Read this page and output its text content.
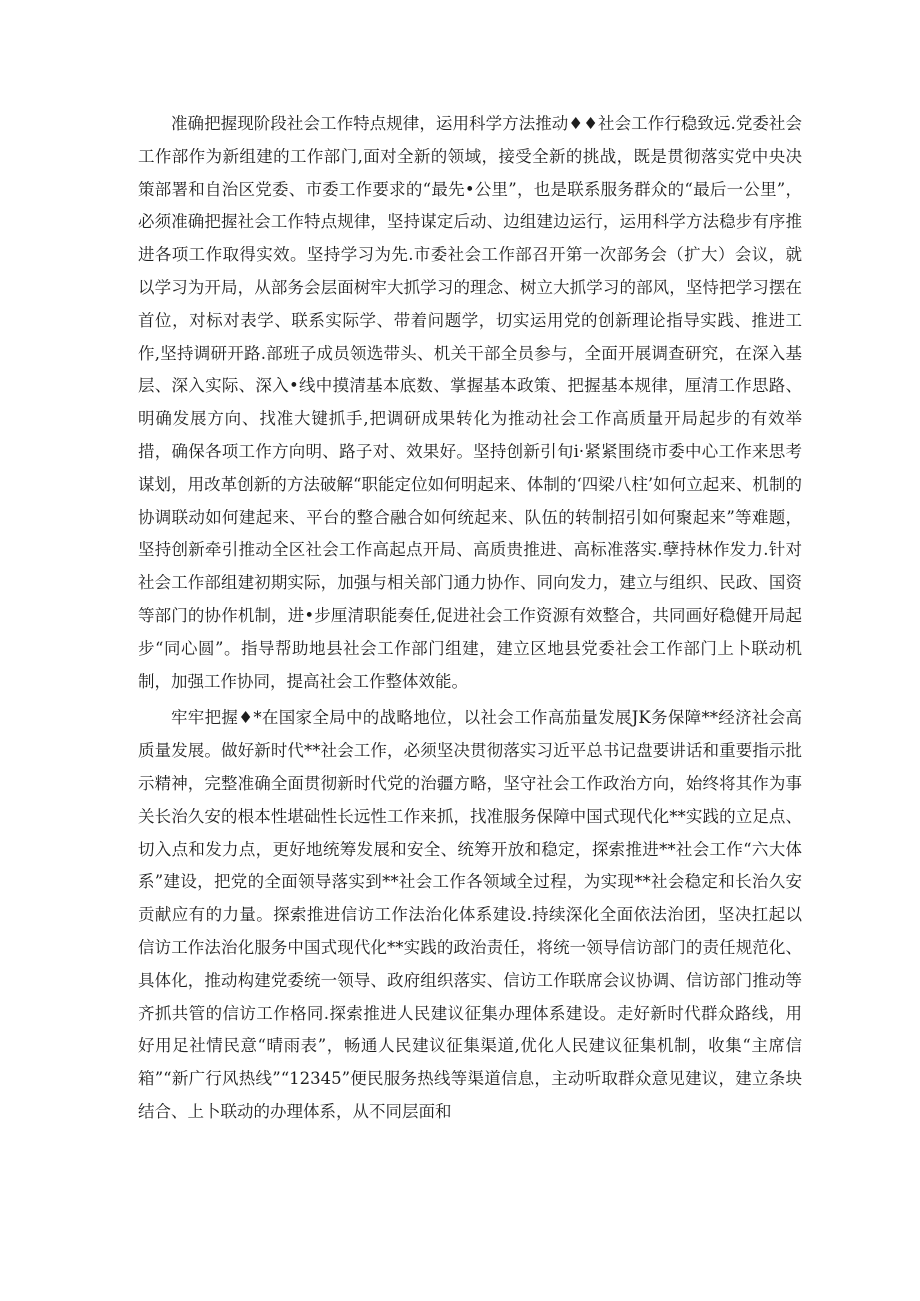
准确把握现阶段社会工作特点规律，运用科学方法推动♦♦社会工作行稳致远.党委社会工作部作为新组建的工作部门,面对全新的领域，接受全新的挑战，既是贯彻落实党中央决策部署和自治区党委、市委工作要求的“最先•公里”，也是联系服务群众的“最后一公里”，必须准确把握社会工作特点规律，坚持谋定后动、边组建边运行，运用科学方法稳步有序推进各项工作取得实效。坚持学习为先.市委社会工作部召开第一次部务会（扩大）会议，就以学习为开局，从部务会层面树牢大抓学习的理念、树立大抓学习的部风，坚恃把学习摆在首位，对标对表学、联系实际学、带着问题学，切实运用党的创新理论指导实践、推进工作,坚持调研开路.部班子成员领选带头、机关干部全员参与，全面开展调查研究，在深入基层、深入实际、深入•线中摸清基本底数、掌握基本政策、把握基本规律，厘清工作思路、明确发展方向、找准大键抓手,把调研成果转化为推动社会工作高质量开局起步的有效举措，确保各项工作方向明、路子对、效果好。坚持创新引旬i·紧紧围绕市委中心工作来思考谋划，用改革创新的方法破解“职能定位如何明起来、体制的‘四梁八柱’如何立起来、机制的协调联动如何建起来、平台的整合融合如何统起来、队伍的转制招引如何聚起来”等难题，坚持创新牵引推动全区社会工作高起点开局、高质贵推进、高标准落实.孽持林作发力.针对社会工作部组建初期实际，加强与相关部门通力协作、同向发力，建立与组织、民政、国资等部门的协作机制，进•步厘清职能奏任,促进社会工作资源有效整合，共同画好稳健开局起步“同心圆”。指导帮助地县社会工作部门组建，建立区地县党委社会工作部门上卜联动机制，加强工作协同，提高社会工作整体效能。

牢牢把握♦*在国家全局中的战略地位，以社会工作高茄量发展JK务保障**经济社会高质量发展。做好新时代**社会工作，必须坚决贯彻落实习近平总书记盘要讲话和重要指示批示精神，完整准确全面贯彻新时代党的治疆方略，坚守社会工作政治方向，始终将其作为事关长治久安的根本性堪础性长远性工作来抓，找准服务保障中国式现代化**实践的立足点、切入点和发力点，更好地统筹发展和安全、统筹开放和稳定，探索推进**社会工作“六大体系”建设，把党的全面领导落实到**社会工作各领域全过程，为实现**社会稳定和长治久安贡献应有的力量。探索推进信访工作法治化体系建设.持续深化全面依法治团，坚决扛起以信访工作法治化服务中国式现代化**实践的政治责任，将统一领导信访部门的责任规范化、具体化，推动构建党委统一领导、政府组织落实、信访工作联席会议协调、信访部门推动等齐抓共管的信访工作格同.探索推进人民建议征集办理体系建设。走好新时代群众路线，用好用足社情民意“晴雨表”，畅通人民建议征集渠道,优化人民建议征集机制，收集“主席信箱”“新广行风热线”“12345”便民服务热线等渠道信息，主动听取群众意见建议，建立条块结合、上卜联动的办理体系，从不同层面和
